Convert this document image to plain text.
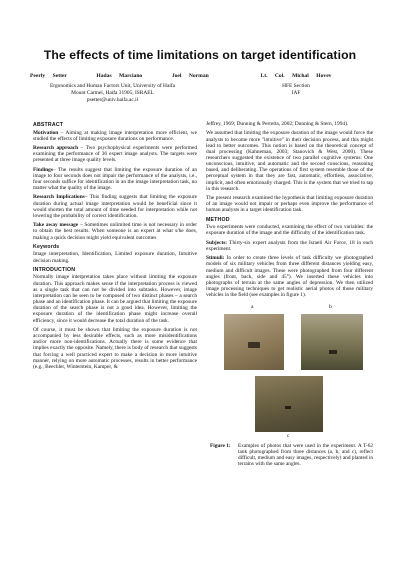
The effects of time limitations on target identification
Peerly Setter    Hadas Marciano    Joel Norman
Ergonomics and Human Factors Unit, University of Haifa
Mount Carmel, Haifa 31905, ISRAEL
psetter@univ.haifa.ac.il
Lt. Col. Michal Hovev
HFE Section
IAF
ABSTRACT

Motivation – Aiming at making image interpretation more efficient, we studied the effects of limiting exposure durations on performance.

Research approach – Two psychophysical experiments were performed examining the performance of 36 expert image analysts. The targets were presented at three image quality levels.

Findings– The results suggest that limiting the exposure duration of an image to four seconds does not impair the performance of the analysts, i.e., four seconds suffice for identification in an the image interpretation task, no matter what the quality of the image.

Research Implications– This finding suggests that limiting the exposure duration during actual image interpretation would be beneficial since it would shorten the total amount of time needed for interpretation while not lowering the probability of correct identification.

Take away message – Sometimes unlimited time is not necessary in order to obtain the best results. When someone is an expert at what s/he does, making a quick decision might yield equivalent outcomes

Keywords

Image interpretation, Identification, Limited exposure duration, Intuitive decision making.

INTRODUCTION

Normally image interpretation takes place without limiting the exposure duration. This approach makes sense if the interpretation process is viewed as a single task that can not be divided into subtasks. However, image interpretation can be seen to be composed of two distinct phases – a search phase and an identification phase. It can be argued that limiting the exposure duration of the search phase is not a good idea. However, limiting the exposure duration of the identification phase might increase overall efficiency, since it would decrease the total duration of the task.

Of course, it must be shown that limiting the exposure duration is not accompanied by less desirable effects, such as more misidentifications and/or more non-identifications. Actually there is some evidence that implies exactly the opposite. Namely, there is body of research that suggests that forcing a well practiced expert to make a decision in more intuitive manner, relying on more automatic processes, results in better performance (e.g., Beechler, Winterstein, Kamper, &

Jeffrey, 1969; Dunning & Perretta, 2002; Dunning & Stern, 1994).

We assumed that limiting the exposure duration of the image would force the analysts to become more "intuitive" in their decision process, and this might lead to better outcomes. This notion is based on the theoretical concept of dual processing (Kahneman, 2003; Stanovich & West, 2000). These researchers suggested the existence of two parallel cognitive systems: One unconscious, intuitive, and automatic and the second conscious, reasoning based, and deliberating. The operations of first system resemble those of the perceptual system in that they are fast, automatic, effortless, associative, implicit, and often emotionally charged. This is the system that we tried to tap in this research.

The present research examined the hypothesis that limiting exposure duration of an image would not impair or perhaps even improve the performance of human analysts in a target identification task.

METHOD

Two experiments were conducted, examining the effect of two variables: the exposure duration of the image and the difficulty of the identification task.

Subjects: Thirty-six expert analysts from the Israeli Air Force, 18 in each experiment.

Stimuli: In order to create three levels of task difficulty we photographed models of six military vehicles from three different distances yielding easy, medium and difficult images. These were photographed from four different angles (front, back, side and 45°). We inserted these vehicles into photographs of terrain at the same angles of depression. We then utilized image processing techniques to get realistic aerial photos of those military vehicles in the field (see examples in figure 1).

a	b
c
Figure 1:	Examples of photos that were used in the experiment. A T-62 tank photographed from three distances (a, b, and c), reflect difficult, medium and easy images, respectively) and planted in terrains with the same angles.
